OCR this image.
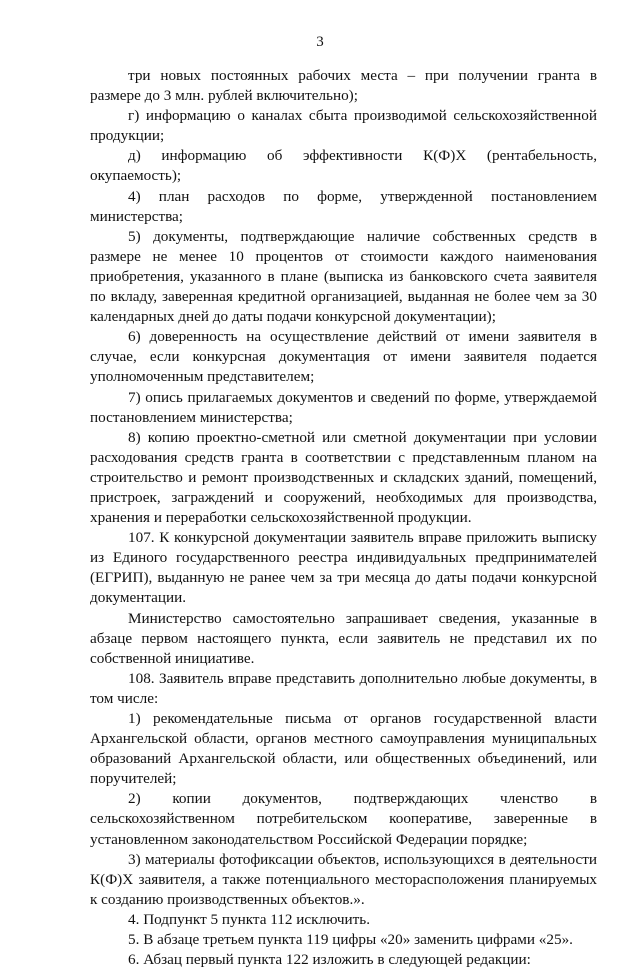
3

три новых постоянных рабочих места – при получении гранта в размере до 3 млн. рублей включительно);

г) информацию о каналах сбыта производимой сельскохозяйственной продукции;

д) информацию об эффективности К(Ф)Х (рентабельность, окупаемость);

4) план расходов по форме, утвержденной постановлением министерства;

5) документы, подтверждающие наличие собственных средств в размере не менее 10 процентов от стоимости каждого наименования приобретения, указанного в плане (выписка из банковского счета заявителя по вкладу, заверенная кредитной организацией, выданная не более чем за 30 календарных дней до даты подачи конкурсной документации);

6) доверенность на осуществление действий от имени заявителя в случае, если конкурсная документация от имени заявителя подается уполномоченным представителем;

7) опись прилагаемых документов и сведений по форме, утверждаемой постановлением министерства;

8) копию проектно-сметной или сметной документации при условии расходования средств гранта в соответствии с представленным планом на строительство и ремонт производственных и складских зданий, помещений, пристроек, заграждений и сооружений, необходимых для производства, хранения и переработки сельскохозяйственной продукции.

107. К конкурсной документации заявитель вправе приложить выписку из Единого государственного реестра индивидуальных предпринимателей (ЕГРИП), выданную не ранее чем за три месяца до даты подачи конкурсной документации.

Министерство самостоятельно запрашивает сведения, указанные в абзаце первом настоящего пункта, если заявитель не представил их по собственной инициативе.

108. Заявитель вправе представить дополнительно любые документы, в том числе:

1) рекомендательные письма от органов государственной власти Архангельской области, органов местного самоуправления муниципальных образований Архангельской области, или общественных объединений, или поручителей;

2) копии документов, подтверждающих членство в сельскохозяйственном потребительском кооперативе, заверенные в установленном законодательством Российской Федерации порядке;

3) материалы фотофиксации объектов, использующихся в деятельности К(Ф)Х заявителя, а также потенциального месторасположения планируемых к созданию производственных объектов.».

4. Подпункт 5 пункта 112 исключить.

5. В абзаце третьем пункта 119 цифры «20» заменить цифрами «25».

6. Абзац первый пункта 122 изложить в следующей редакции:
